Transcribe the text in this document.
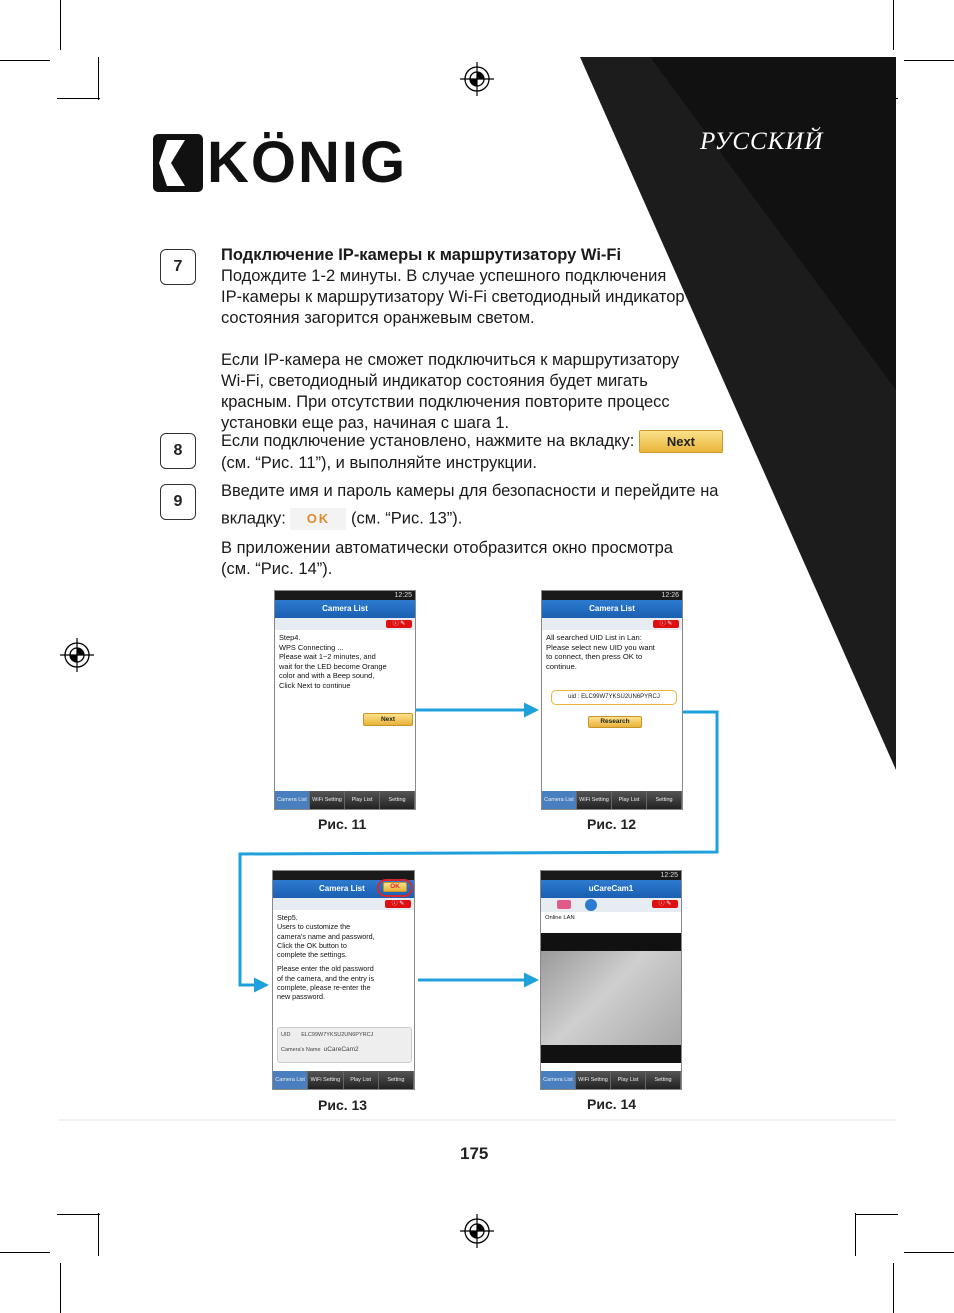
РУССКИЙ
KÖNIG
7
Подключение IP-камеры к маршрутизатору Wi-Fi
Подождите 1-2 минуты. В случае успешного подключения
IP-камеры к маршрутизатору Wi-Fi светодиодный индикатор
состояния загорится оранжевым светом.
Если IP-камера не сможет подключиться к маршрутизатору
Wi-Fi, светодиодный индикатор состояния будет мигать
красным. При отсутствии подключения повторите процесс
установки еще раз, начиная с шага 1.
8
Если подключение установлено, нажмите на вкладку:	Next
(см. “Рис. 11”), и выполняйте инструкции.
9
Введите имя и пароль камеры для безопасности и перейдите на
вкладку: OK (см. “Рис. 13”).
В приложении автоматически отобразится окно просмотра
(см. “Рис. 14”).
12:25
Camera List
ⓘ ✎
Step4.
WPS Connecting ...
Please wait 1~2 minutes, and
wait for the LED become Orange
color and with a Beep sound,
Click Next to continue
Next
Camera List WiFi Setting	Play List	Setting
Рис. 11
12:26
Camera List
ⓘ ✎
All searched UID List in Lan:
Please select new UID you want
to connect, then press OK to
continue.
uid : ELC99W7YKSU2UN6PYRCJ
Research
Camera List WiFi Setting	Play List	Setting
Рис. 12
Camera List
ⓘ ✎
OK
Step5.
Users to customize the
camera's name and password,
Click the OK button to
complete the settings.
Please enter the old password
of the camera, and the entry is
complete, please re-enter the
new password.
UID ELC99W7YKSU2UN6PYRCJ
Camera's Name uCareCam2
Camera List	WiFi Setting	Play List	Setting
Рис. 13
12:25
uCareCam1
ⓘ ✎
Online LAN
Camera List WiFi Setting	Play List	Setting
Рис. 14
175
